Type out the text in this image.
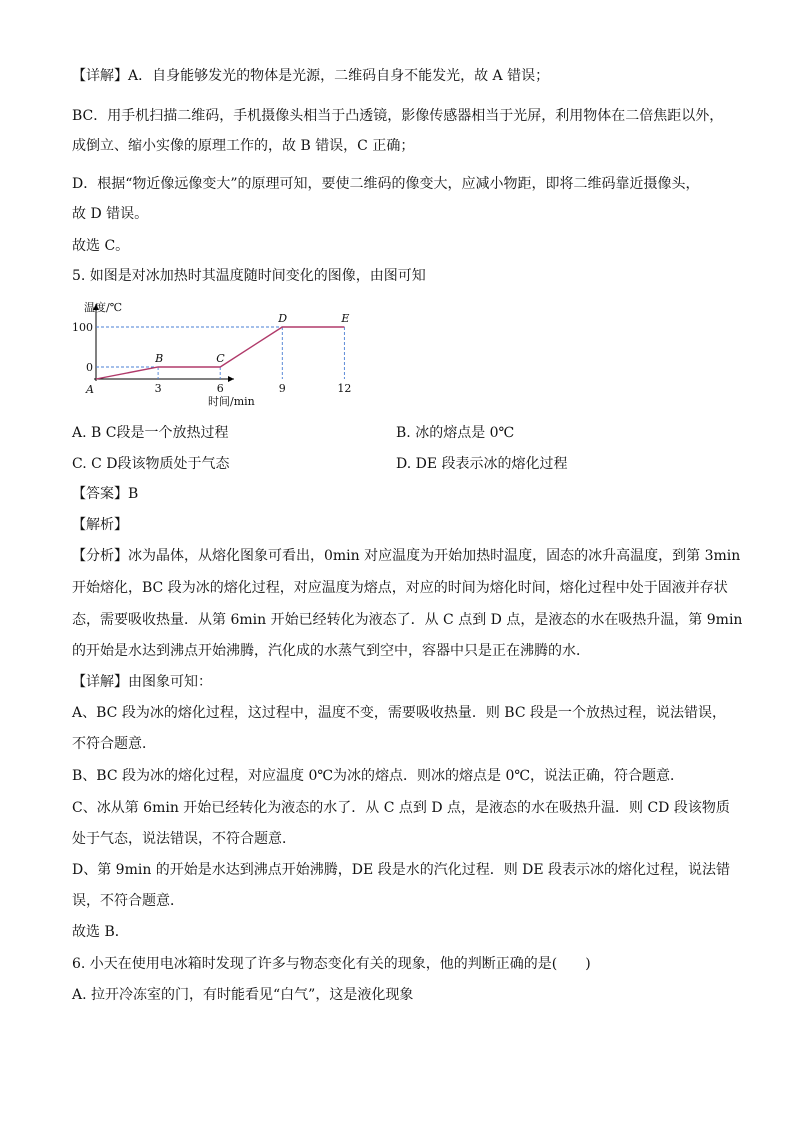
【详解】A．自身能够发光的物体是光源，二维码自身不能发光，故 A 错误；
BC．用手机扫描二维码，手机摄像头相当于凸透镜，影像传感器相当于光屏，利用物体在二倍焦距以外，
成倒立、缩小实像的原理工作的，故 B 错误，C 正确；
D．根据“物近像远像变大”的原理可知，要使二维码的像变大，应减小物距，即将二维码靠近摄像头，
故 D 错误。
故选 C。
5. 如图是对冰加热时其温度随时间变化的图像，由图可知
温度/℃
时间/min
100
0
3	6	9	12
A
B	C
D	E
A. B C段是一个放热过程	B. 冰的熔点是 0℃
C. C D段该物质处于气态	D. DE 段表示冰的熔化过程
【答案】B
【解析】
【分析】冰为晶体，从熔化图象可看出，0min 对应温度为开始加热时温度，固态的冰升高温度，到第 3min
开始熔化，BC 段为冰的熔化过程，对应温度为熔点，对应的时间为熔化时间，熔化过程中处于固液并存状
态，需要吸收热量．从第 6min 开始已经转化为液态了．从 C 点到 D 点，是液态的水在吸热升温，第 9min
的开始是水达到沸点开始沸腾，汽化成的水蒸气到空中，容器中只是正在沸腾的水．
【详解】由图象可知：
A、BC 段为冰的熔化过程，这过程中，温度不变，需要吸收热量．则 BC 段是一个放热过程，说法错误，
不符合题意．
B、BC 段为冰的熔化过程，对应温度 0℃为冰的熔点．则冰的熔点是 0℃，说法正确，符合题意．
C、冰从第 6min 开始已经转化为液态的水了．从 C 点到 D 点，是液态的水在吸热升温．则 CD 段该物质
处于气态，说法错误，不符合题意．
D、第 9min 的开始是水达到沸点开始沸腾，DE 段是水的汽化过程．则 DE 段表示冰的熔化过程，说法错
误，不符合题意．
故选 B．
6. 小天在使用电冰箱时发现了许多与物态变化有关的现象，他的判断正确的是(　　)
A. 拉开冷冻室的门，有时能看见“白气”，这是液化现象
